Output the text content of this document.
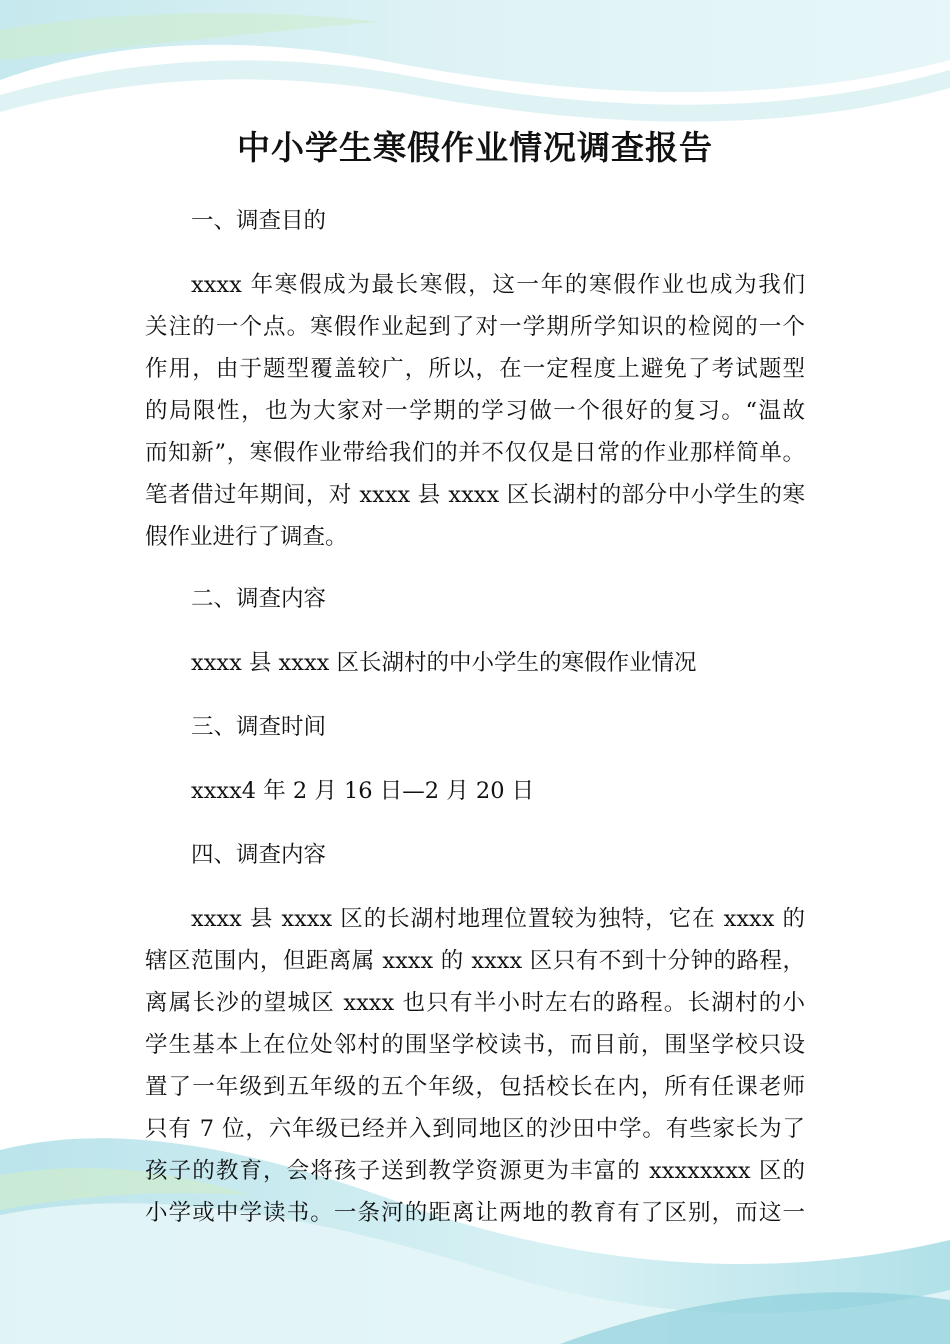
中小学生寒假作业情况调查报告
一、调查目的
xxxx 年寒假成为最长寒假，这一年的寒假作业也成为我们
关注的一个点。寒假作业起到了对一学期所学知识的检阅的一个
作用，由于题型覆盖较广，所以，在一定程度上避免了考试题型
的局限性，也为大家对一学期的学习做一个很好的复习。“温故
而知新”，寒假作业带给我们的并不仅仅是日常的作业那样简单。
笔者借过年期间，对 xxxx 县 xxxx 区长湖村的部分中小学生的寒
假作业进行了调查。
二、调查内容
xxxx 县 xxxx 区长湖村的中小学生的寒假作业情况
三、调查时间
xxxx4 年 2 月 16 日—2 月 20 日
四、调查内容
xxxx 县 xxxx 区的长湖村地理位置较为独特，它在 xxxx 的
辖区范围内，但距离属 xxxx 的 xxxx 区只有不到十分钟的路程，
离属长沙的望城区 xxxx 也只有半小时左右的路程。长湖村的小
学生基本上在位处邻村的围坚学校读书，而目前，围坚学校只设
置了一年级到五年级的五个年级，包括校长在内，所有任课老师
只有 7 位，六年级已经并入到同地区的沙田中学。有些家长为了
孩子的教育，会将孩子送到教学资源更为丰富的 xxxxxxxx 区的
小学或中学读书。一条河的距离让两地的教育有了区别，而这一
